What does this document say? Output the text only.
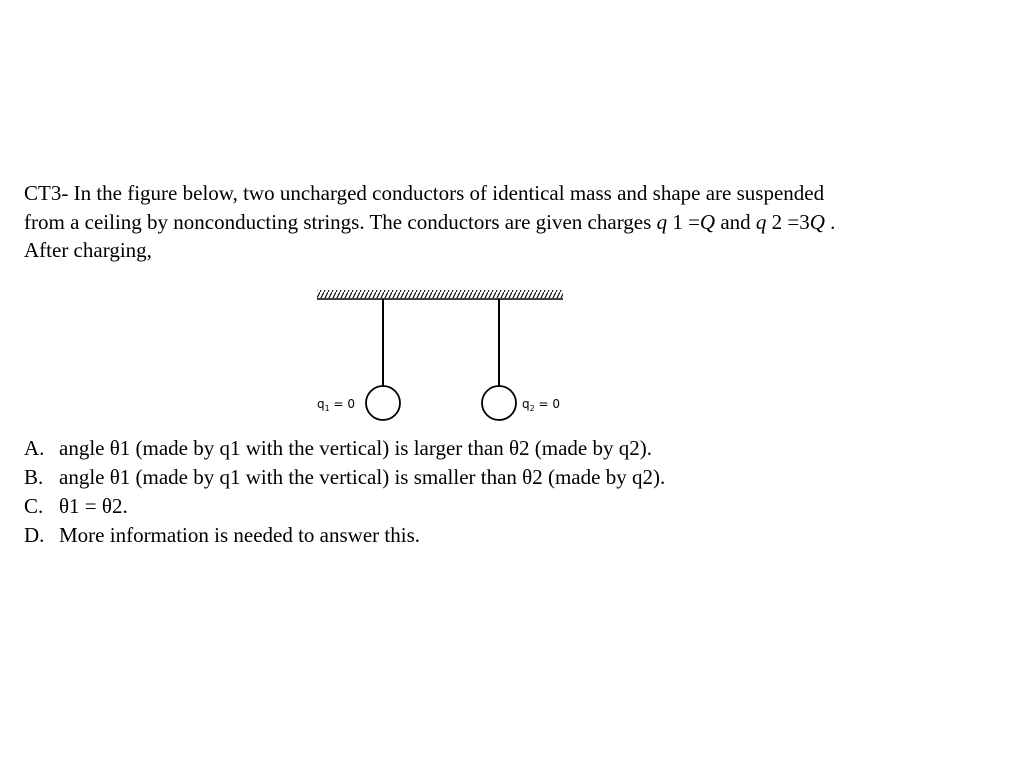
CT3- In the figure below, two uncharged conductors of identical mass and shape are suspended
from a ceiling by nonconducting strings. The conductors are given charges q 1 =Q and q 2 =3Q .
After charging,
$q_1 = 0$	$q_2 = 0$
A. angle θ1 (made by q1 with the vertical) is larger than θ2 (made by q2).
B. angle θ1 (made by q1 with the vertical) is smaller than θ2 (made by q2).
C. θ1 = θ2.
D. More information is needed to answer this.
